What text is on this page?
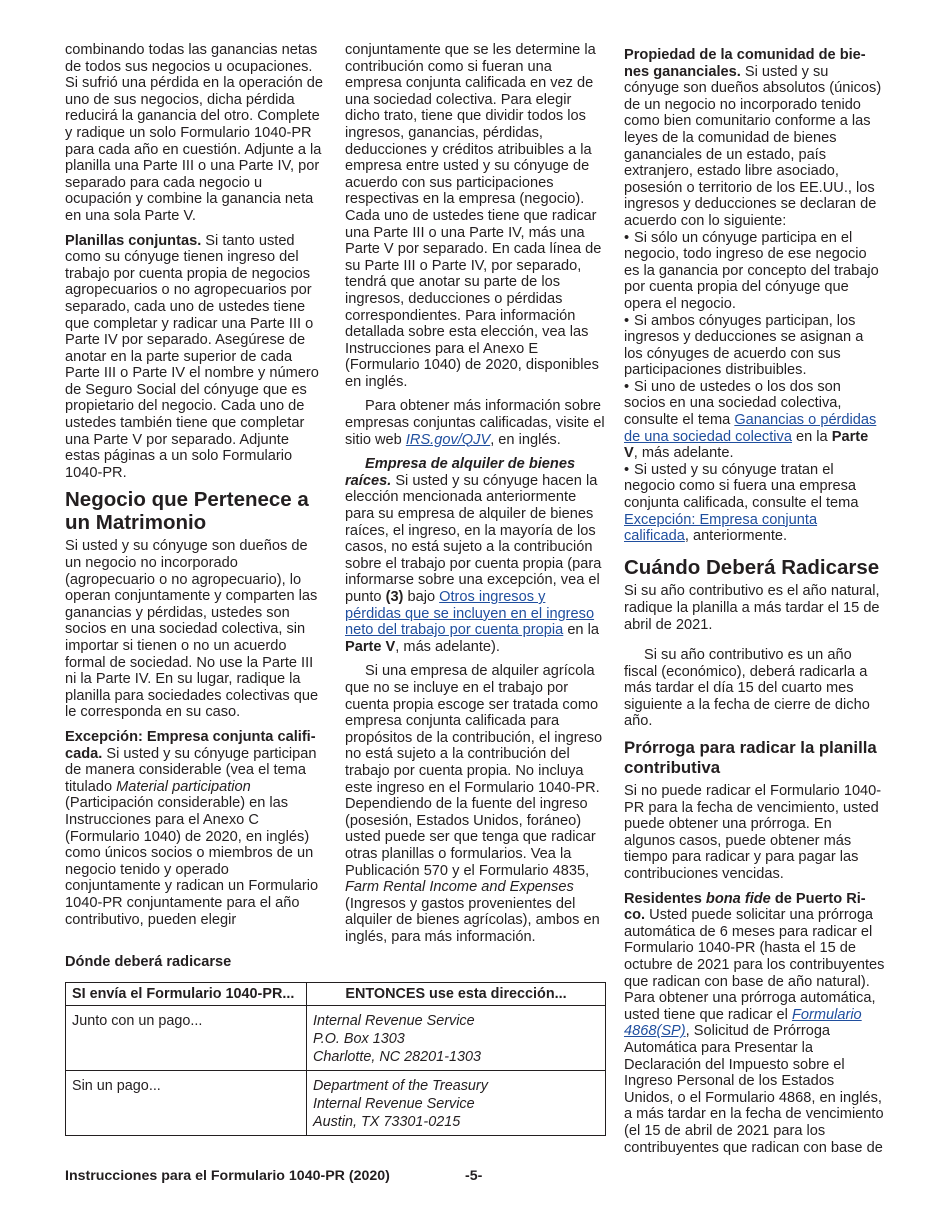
combinando todas las ganancias netas de todos sus negocios u ocupaciones. Si sufrió una pérdida en la operación de uno de sus negocios, dicha pérdida reducirá la ganancia del otro. Complete y radique un solo Formulario 1040-PR para cada año en cuestión. Adjunte a la planilla una Parte III o una Parte IV, por separado para cada negocio u ocupación y combine la ganancia neta en una sola Parte V.

Planillas conjuntas. Si tanto usted como su cónyuge tienen ingreso del trabajo por cuenta propia de negocios agropecuarios o no agropecuarios por separado, cada uno de ustedes tiene que completar y radicar una Parte III o Parte IV por separado. Asegúrese de anotar en la parte superior de cada Parte III o Parte IV el nombre y número de Seguro Social del cónyuge que es propietario del negocio. Cada uno de ustedes también tiene que completar una Parte V por separado. Adjunte estas páginas a un solo Formulario 1040-PR.

Negocio que Pertenece a un Matrimonio

Si usted y su cónyuge son dueños de un negocio no incorporado (agropecuario o no agropecuario), lo operan conjuntamente y comparten las ganancias y pérdidas, ustedes son socios en una sociedad colectiva, sin importar si tienen o no un acuerdo formal de sociedad. No use la Parte III ni la Parte IV. En su lugar, radique la planilla para sociedades colectivas que le corresponda en su caso.

Excepción: Empresa conjunta califi-cada. Si usted y su cónyuge participan de manera considerable (vea el tema titulado Material participation (Participación considerable) en las Instrucciones para el Anexo C (Formulario 1040) de 2020, en inglés) como únicos socios o miembros de un negocio tenido y operado conjuntamente y radican un Formulario 1040-PR conjuntamente para el año contributivo, pueden elegir

conjuntamente que se les determine la contribución como si fueran una empresa conjunta calificada en vez de una sociedad colectiva. Para elegir dicho trato, tiene que dividir todos los ingresos, ganancias, pérdidas, deducciones y créditos atribuibles a la empresa entre usted y su cónyuge de acuerdo con sus participaciones respectivas en la empresa (negocio). Cada uno de ustedes tiene que radicar una Parte III o una Parte IV, más una Parte V por separado. En cada línea de su Parte III o Parte IV, por separado, tendrá que anotar su parte de los ingresos, deducciones o pérdidas correspondientes. Para información detallada sobre esta elección, vea las Instrucciones para el Anexo E (Formulario 1040) de 2020, disponibles en inglés.

Para obtener más información sobre empresas conjuntas calificadas, visite el sitio web IRS.gov/QJV, en inglés.

Empresa de alquiler de bienes raíces. Si usted y su cónyuge hacen la elección mencionada anteriormente para su empresa de alquiler de bienes raíces, el ingreso, en la mayoría de los casos, no está sujeto a la contribución sobre el trabajo por cuenta propia (para informarse sobre una excepción, vea el punto (3) bajo Otros ingresos y pérdidas que se incluyen en el ingreso neto del trabajo por cuenta propia en la Parte V, más adelante).

Si una empresa de alquiler agrícola que no se incluye en el trabajo por cuenta propia escoge ser tratada como empresa conjunta calificada para propósitos de la contribución, el ingreso no está sujeto a la contribución del trabajo por cuenta propia. No incluya este ingreso en el Formulario 1040-PR. Dependiendo de la fuente del ingreso (posesión, Estados Unidos, foráneo) usted puede ser que tenga que radicar otras planillas o formularios. Vea la Publicación 570 y el Formulario 4835, Farm Rental Income and Expenses (Ingresos y gastos provenientes del alquiler de bienes agrícolas), ambos en inglés, para más información.

Propiedad de la comunidad de bie-nes gananciales. Si usted y su cónyuge son dueños absolutos (únicos) de un negocio no incorporado tenido como bien comunitario conforme a las leyes de la comunidad de bienes gananciales de un estado, país extranjero, estado libre asociado, posesión o territorio de los EE.UU., los ingresos y deducciones se declaran de acuerdo con lo siguiente:

• Si sólo un cónyuge participa en el negocio, todo ingreso de ese negocio es la ganancia por concepto del trabajo por cuenta propia del cónyuge que opera el negocio.
• Si ambos cónyuges participan, los ingresos y deducciones se asignan a los cónyuges de acuerdo con sus participaciones distribuibles.
• Si uno de ustedes o los dos son socios en una sociedad colectiva, consulte el tema Ganancias o pérdidas de una sociedad colectiva en la Parte V, más adelante.
• Si usted y su cónyuge tratan el negocio como si fuera una empresa conjunta calificada, consulte el tema Excepción: Empresa conjunta calificada, anteriormente.
Cuándo Deberá Radicarse

Si su año contributivo es el año natural, radique la planilla a más tardar el 15 de abril de 2021.

Si su año contributivo es un año fiscal (económico), deberá radicarla a más tardar el día 15 del cuarto mes siguiente a la fecha de cierre de dicho año.

Prórroga para radicar la planilla contributiva

Si no puede radicar el Formulario 1040-PR para la fecha de vencimiento, usted puede obtener una prórroga. En algunos casos, puede obtener más tiempo para radicar y para pagar las contribuciones vencidas.

Residentes bona fide de Puerto Ri-co. Usted puede solicitar una prórroga automática de 6 meses para radicar el Formulario 1040-PR (hasta el 15 de octubre de 2021 para los contribuyentes que radican con base de año natural). Para obtener una prórroga automática, usted tiene que radicar el Formulario 4868(SP), Solicitud de Prórroga Automática para Presentar la Declaración del Impuesto sobre el Ingreso Personal de los Estados Unidos, o el Formulario 4868, en inglés, a más tardar en la fecha de vencimiento (el 15 de abril de 2021 para los contribuyentes que radican con base de

Dónde deberá radicarse
SI envía el Formulario 1040-PR...	ENTONCES use esta dirección...
Junto con un pago...	Internal Revenue Service
P.O. Box 1303
Charlotte, NC 28201-1303

Sin un pago...	Department of the Treasury
Internal Revenue Service
Austin, TX 73301-0215
Instrucciones para el Formulario 1040-PR (2020)	-5-
